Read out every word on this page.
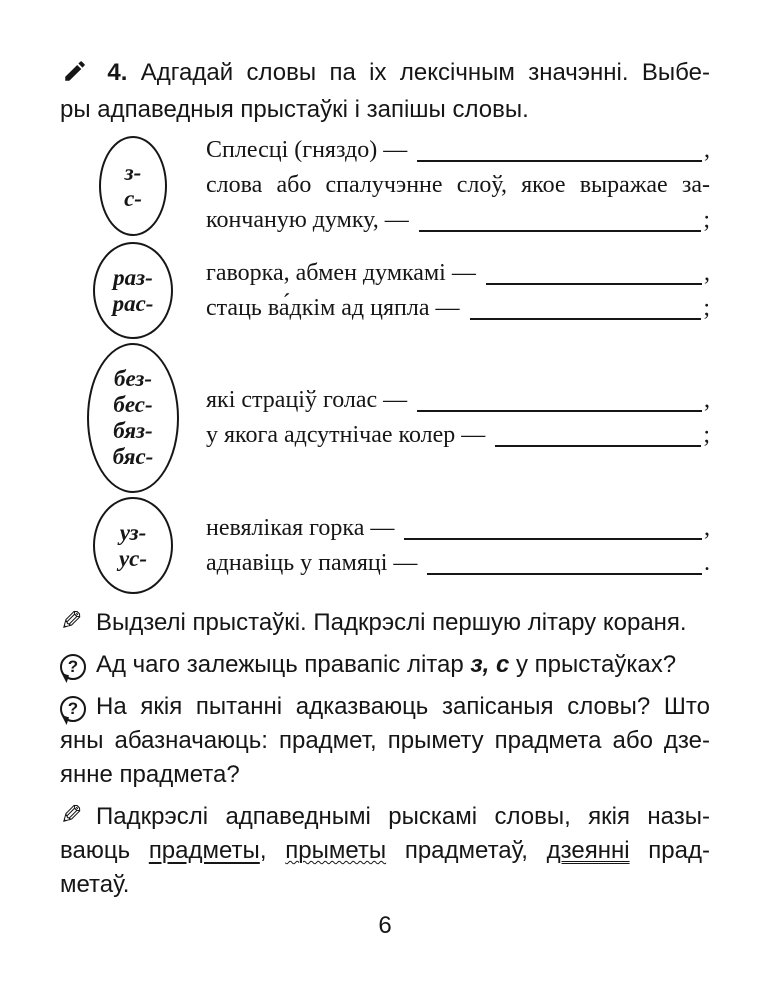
4. Адгадай словы па іх лексічным значэнні. Выбе-
ры адпаведныя прыстаўкі і запішы словы.
з-
с-
Сплесці (гняздо) —	,
слова або спалучэнне слоў, якое выражае за-
кончаную думку, —	;
раз-
рас-
гаворка, абмен думкамі —	,
стаць ва́дкім ад цяпла —	;
без-
бес-
бяз-
бяс-
які страціў голас —	,
у якога адсутнічае колер —	;
уз-
ус-
невялікая горка —	,
аднавіць у памяці —	.
✎ Выдзелі прыстаўкі. Падкрэслі першую літару кораня.
? Ад чаго залежыць правапіс літар з, с у прыстаўках?
? На якія пытанні адказваюць запісаныя словы? Што
яны абазначаюць: прадмет, прымету прадмета або дзе-
янне прадмета?
✎ Падкрэслі адпаведнымі рыскамі словы, якія назы-
ваюць прадметы, прыметы прадметаў, дзеянні прад-
метаў.
6
